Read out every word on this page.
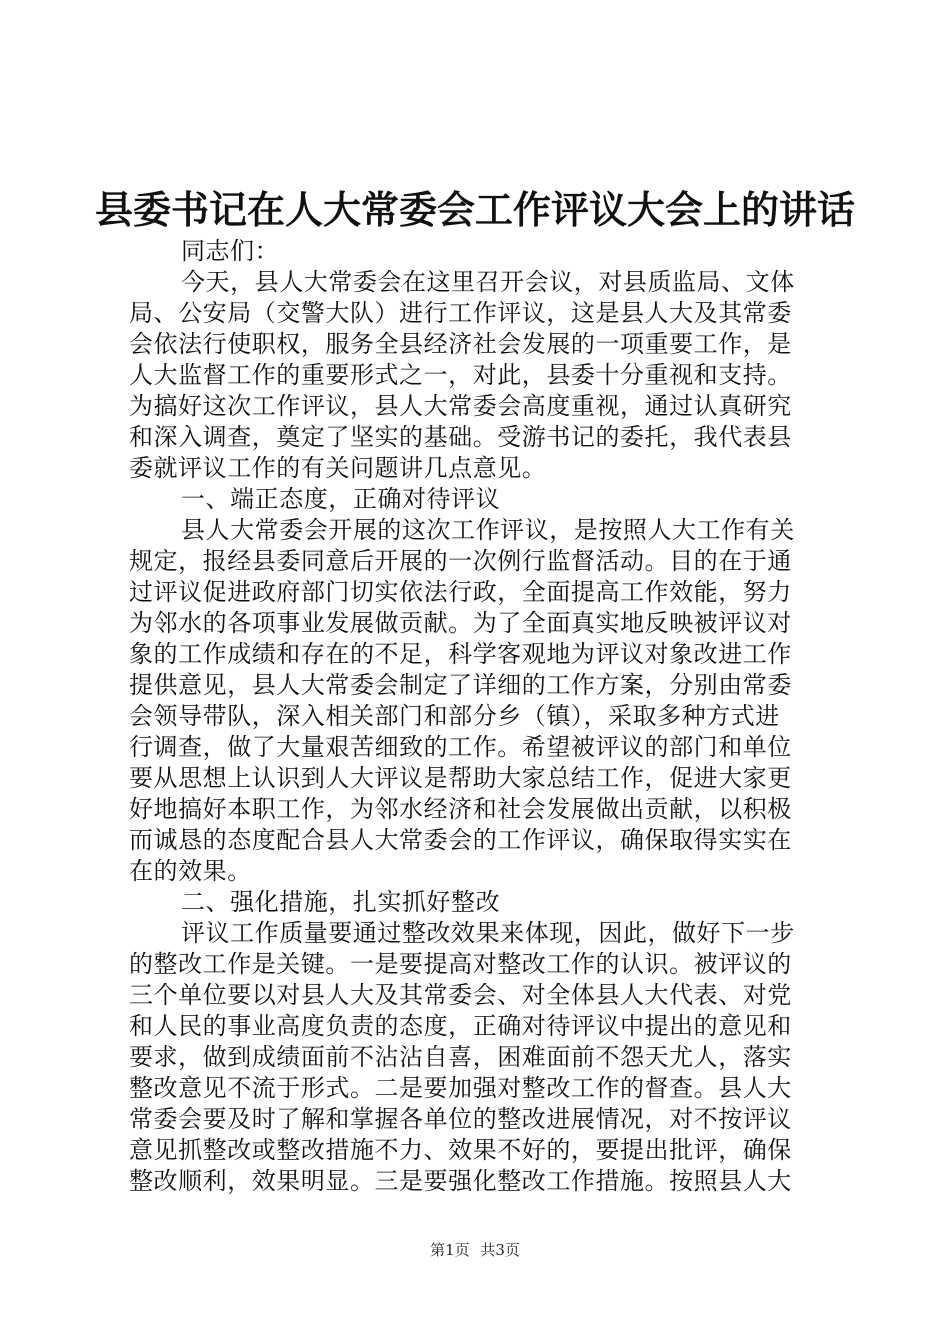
县委书记在人大常委会工作评议大会上的讲话
同志们：
今天，县人大常委会在这里召开会议，对县质监局、文体
局、公安局（交警大队）进行工作评议，这是县人大及其常委
会依法行使职权，服务全县经济社会发展的一项重要工作，是
人大监督工作的重要形式之一，对此，县委十分重视和支持。
为搞好这次工作评议，县人大常委会高度重视，通过认真研究
和深入调查，奠定了坚实的基础。受游书记的委托，我代表县
委就评议工作的有关问题讲几点意见。
一、端正态度，正确对待评议
县人大常委会开展的这次工作评议，是按照人大工作有关
规定，报经县委同意后开展的一次例行监督活动。目的在于通
过评议促进政府部门切实依法行政，全面提高工作效能，努力
为邻水的各项事业发展做贡献。为了全面真实地反映被评议对
象的工作成绩和存在的不足，科学客观地为评议对象改进工作
提供意见，县人大常委会制定了详细的工作方案，分别由常委
会领导带队，深入相关部门和部分乡（镇），采取多种方式进
行调查，做了大量艰苦细致的工作。希望被评议的部门和单位
要从思想上认识到人大评议是帮助大家总结工作，促进大家更
好地搞好本职工作，为邻水经济和社会发展做出贡献，以积极
而诚恳的态度配合县人大常委会的工作评议，确保取得实实在
在的效果。
二、强化措施，扎实抓好整改
评议工作质量要通过整改效果来体现，因此，做好下一步
的整改工作是关键。一是要提高对整改工作的认识。被评议的
三个单位要以对县人大及其常委会、对全体县人大代表、对党
和人民的事业高度负责的态度，正确对待评议中提出的意见和
要求，做到成绩面前不沾沾自喜，困难面前不怨天尤人，落实
整改意见不流于形式。二是要加强对整改工作的督查。县人大
常委会要及时了解和掌握各单位的整改进展情况，对不按评议
意见抓整改或整改措施不力、效果不好的，要提出批评，确保
整改顺利，效果明显。三是要强化整改工作措施。按照县人大
第1页 共3页
